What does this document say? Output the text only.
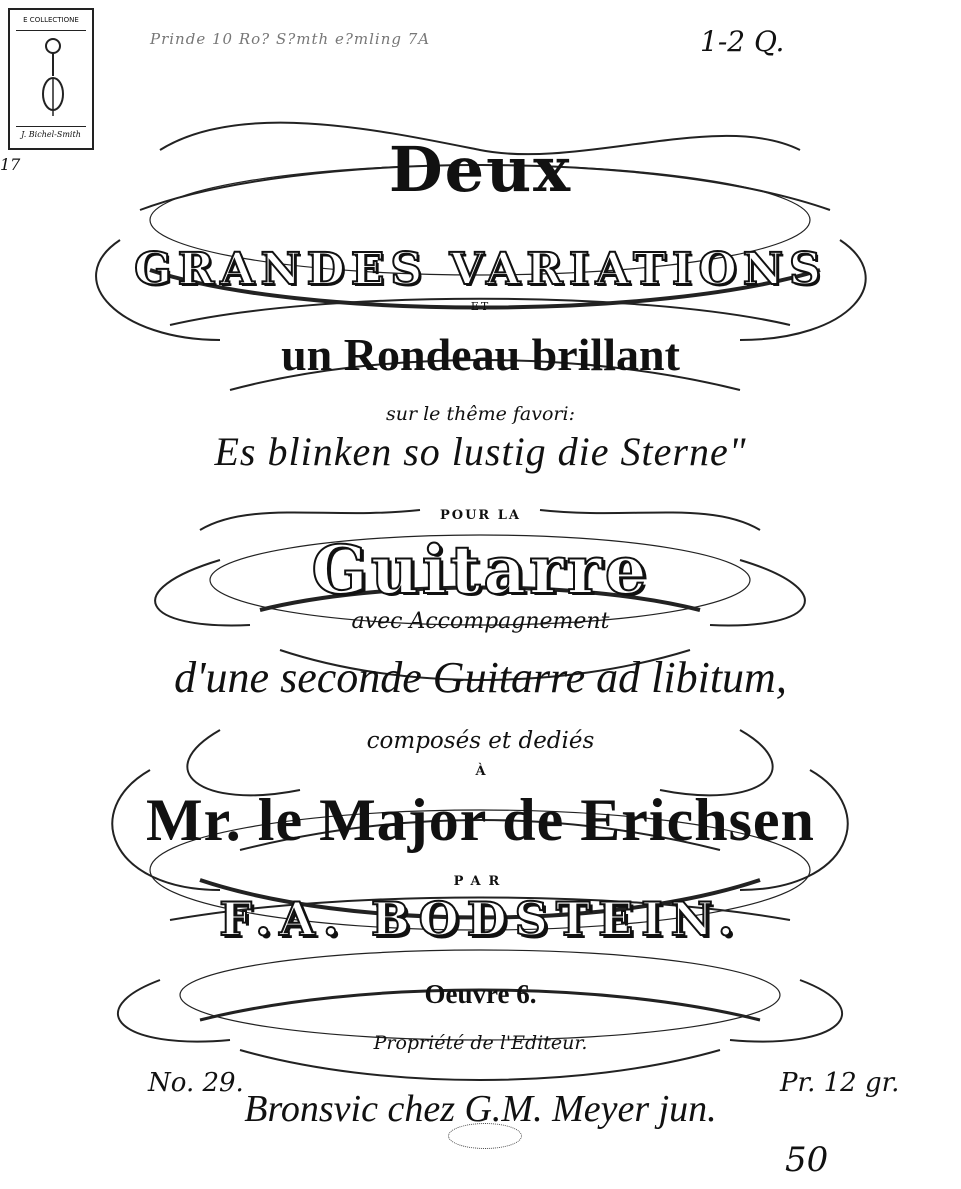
E COLLECTIONE
J. Bichel-Smith
17
Prinde 10 Ro? S?mth e?mling 7A	1-2 Q.
Deux
GRANDES VARIATIONS
ET
un Rondeau brillant
sur le thême favori:
Es blinken so lustig die Sterne"
POUR LA
Guitarre
avec Accompagnement
d'une seconde Guitarre ad libitum,
composés et dediés
À
Mr. le Major de Erichsen
PAR
F.A. BODSTEIN.
Oeuvre 6.
Propriété de l'Editeur.
No. 29.	Pr. 12 gr.
Bronsvic chez G.M. Meyer jun.
50
